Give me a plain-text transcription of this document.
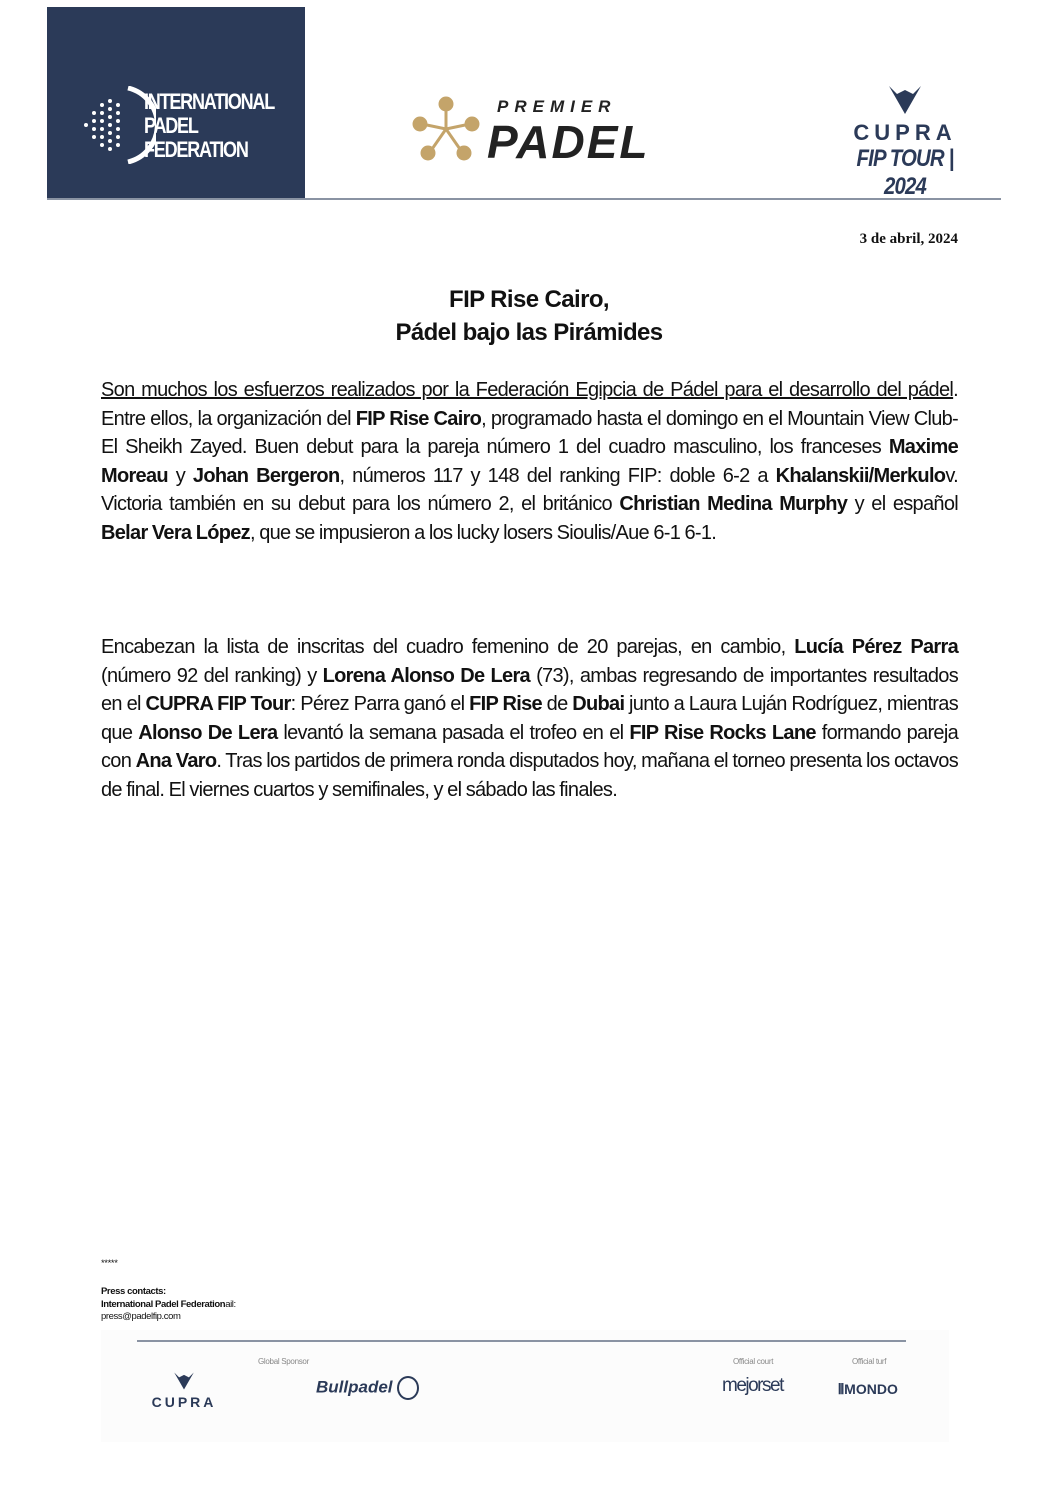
INTERNATIONAL
PADEL
FEDERATION
PREMIER
PADEL	CUPRA
FIP TOUR | 2024
3 de abril, 2024
FIP Rise Cairo,
Pádel bajo las Pirámides
Son muchos los esfuerzos realizados por la Federación Egipcia de Pádel para el desarrollo del pádel. Entre ellos, la organización del FIP Rise Cairo, programado hasta el domingo en el Mountain View Club-El Sheikh Zayed. Buen debut para la pareja número 1 del cuadro masculino, los franceses Maxime Moreau y Johan Bergeron, números 117 y 148 del ranking FIP: doble 6-2 a Khalanskii/Merkulov. Victoria también en su debut para los número 2, el británico Christian Medina Murphy y el español Belar Vera López, que se impusieron a los lucky losers Sioulis/Aue 6-1 6-1.
Encabezan la lista de inscritas del cuadro femenino de 20 parejas, en cambio, Lucía Pérez Parra (número 92 del ranking) y Lorena Alonso De Lera (73), ambas regresando de importantes resultados en el CUPRA FIP Tour: Pérez Parra ganó el FIP Rise de Dubai junto a Laura Luján Rodríguez, mientras que Alonso De Lera levantó la semana pasada el trofeo en el FIP Rise Rocks Lane formando pareja con Ana Varo. Tras los partidos de primera ronda disputados hoy, mañana el torneo presenta los octavos de final. El viernes cuartos y semifinales, y el sábado las finales.
*****
Press contacts:
International Padel Federationail:
press@padelfip.com
Global Sponsor	Official court	Official turf
CUPRA
Bullpadel	mejorset	⦀MONDO
